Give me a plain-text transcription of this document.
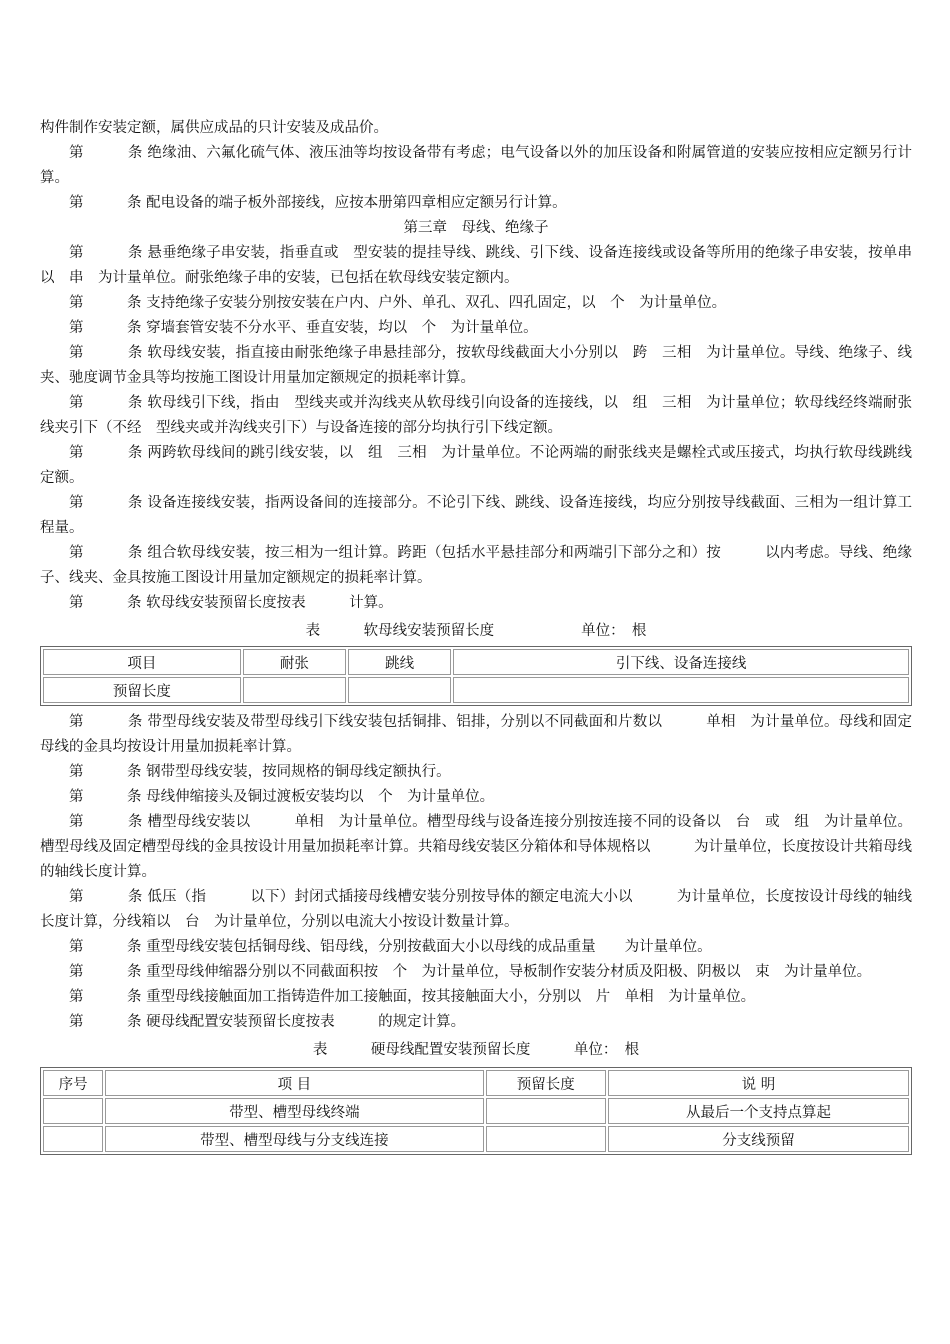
构件制作安装定额，属供应成品的只计安装及成品价。

第　　　条 绝缘油、六氟化硫气体、液压油等均按设备带有考虑；电气设备以外的加压设备和附属管道的安装应按相应定额另行计算。

第　　　条 配电设备的端子板外部接线，应按本册第四章相应定额另行计算。

第三章　母线、绝缘子

第　　　条 悬垂绝缘子串安装，指垂直或　型安装的提挂导线、跳线、引下线、设备连接线或设备等所用的绝缘子串安装，按单串以　串　为计量单位。耐张绝缘子串的安装，已包括在软母线安装定额内。

第　　　条 支持绝缘子安装分别按安装在户内、户外、单孔、双孔、四孔固定，以　个　为计量单位。

第　　　条 穿墙套管安装不分水平、垂直安装，均以　个　为计量单位。

第　　　条 软母线安装，指直接由耐张绝缘子串悬挂部分，按软母线截面大小分别以　跨　三相　为计量单位。导线、绝缘子、线夹、驰度调节金具等均按施工图设计用量加定额规定的损耗率计算。

第　　　条 软母线引下线，指由　型线夹或并沟线夹从软母线引向设备的连接线，以　组　三相　为计量单位；软母线经终端耐张线夹引下（不经　型线夹或并沟线夹引下）与设备连接的部分均执行引下线定额。

第　　　条 两跨软母线间的跳引线安装，以　组　三相　为计量单位。不论两端的耐张线夹是螺栓式或压接式，均执行软母线跳线定额。

第　　　条 设备连接线安装，指两设备间的连接部分。不论引下线、跳线、设备连接线，均应分别按导线截面、三相为一组计算工程量。

第　　　条 组合软母线安装，按三相为一组计算。跨距（包括水平悬挂部分和两端引下部分之和）按　　　以内考虑。导线、绝缘子、线夹、金具按施工图设计用量加定额规定的损耗率计算。

第　　　条 软母线安装预留长度按表　　　计算。

表　　　软母线安装预留长度　　　　　　单位：　根

项目	耐张	跳线	引下线、设备连接线
预留长度			

第　　　条 带型母线安装及带型母线引下线安装包括铜排、铝排，分别以不同截面和片数以　　　单相　为计量单位。母线和固定母线的金具均按设计用量加损耗率计算。

第　　　条 钢带型母线安装，按同规格的铜母线定额执行。

第　　　条 母线伸缩接头及铜过渡板安装均以　个　为计量单位。

第　　　条 槽型母线安装以　　　单相　为计量单位。槽型母线与设备连接分别按连接不同的设备以　台　或　组　为计量单位。槽型母线及固定槽型母线的金具按设计用量加损耗率计算。共箱母线安装区分箱体和导体规格以　　　为计量单位，长度按设计共箱母线的轴线长度计算。

第　　　条 低压（指　　　以下）封闭式插接母线槽安装分别按导体的额定电流大小以　　　为计量单位，长度按设计母线的轴线长度计算，分线箱以　台　为计量单位，分别以电流大小按设计数量计算。

第　　　条 重型母线安装包括铜母线、铝母线，分别按截面大小以母线的成品重量　　为计量单位。

第　　　条 重型母线伸缩器分别以不同截面积按　个　为计量单位，导板制作安装分材质及阳极、阴极以　束　为计量单位。

第　　　条 重型母线接触面加工指铸造件加工接触面，按其接触面大小，分别以　片　单相　为计量单位。

第　　　条 硬母线配置安装预留长度按表　　　的规定计算。

表　　　硬母线配置安装预留长度　　　单位：　根

序号	项 目	预留长度	说 明
	带型、槽型母线终端		从最后一个支持点算起
	带型、槽型母线与分支线连接		分支线预留
